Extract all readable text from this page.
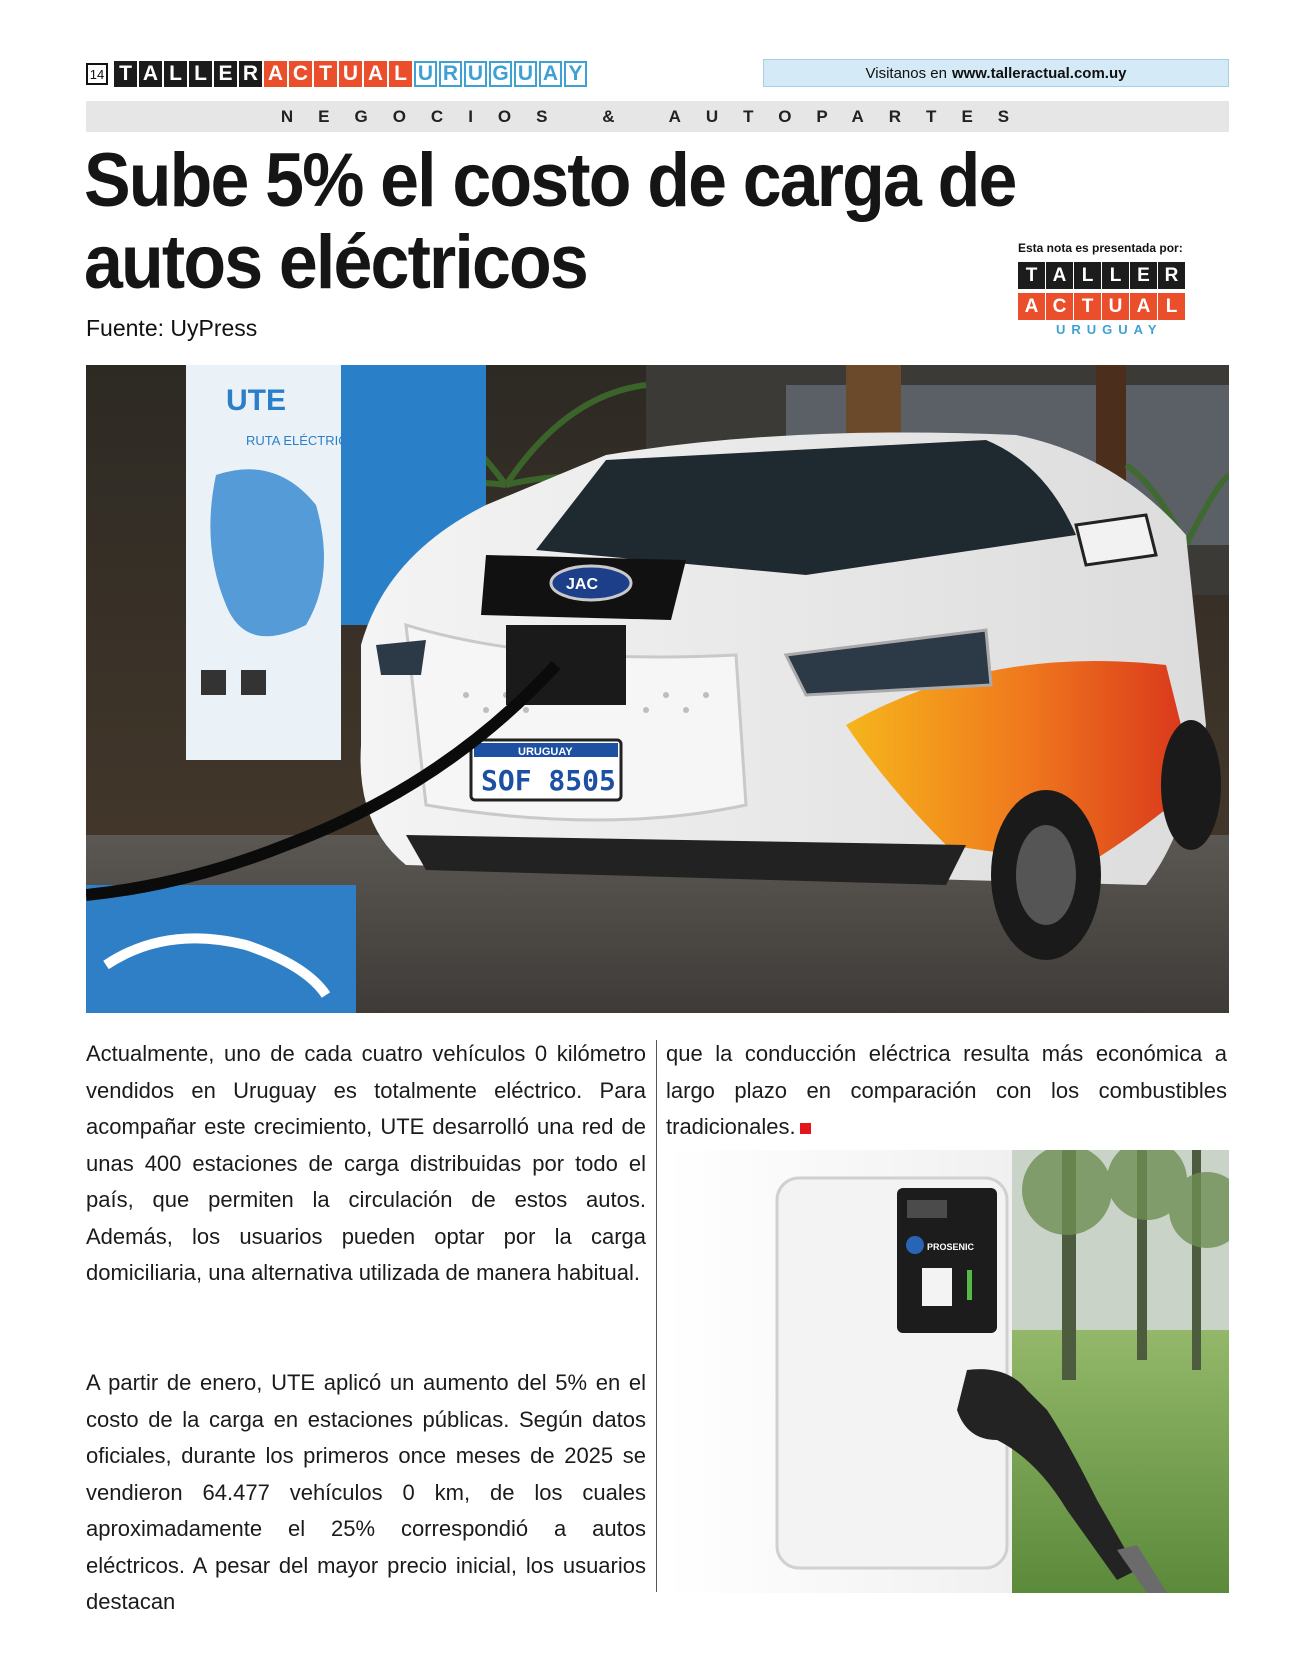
14 T A L L E R A C T U A L U R U G U A Y	Visitanos en www.talleractual.com.uy
NEGOCIOS & AUTOPARTES
Sube 5% el costo de carga de autos eléctricos
Fuente: UyPress
Esta nota es presentada por:
T A L L E R
A C T U A L
URUGUAY
UTE
RUTA ELÉCTRICA
JAC
URUGUAY
SOF 8505

Actualmente, uno de cada cuatro vehículos 0 kilómetro vendidos en Uruguay es totalmente eléctrico. Para acompañar este crecimiento, UTE desarrolló una red de unas 400 estaciones de carga distribuidas por todo el país, que permiten la circulación de estos autos. Además, los usuarios pueden optar por la carga domiciliaria, una alternativa utilizada de manera habitual.

A partir de enero, UTE aplicó un aumento del 5% en el costo de la carga en estaciones públicas. Según datos oficiales, durante los primeros once meses de 2025 se vendieron 64.477 vehículos 0 km, de los cuales aproximadamente el 25% correspondió a autos eléctricos. A pesar del mayor precio inicial, los usuarios destacan

que la conducción eléctrica resulta más económica a largo plazo en comparación con los combustibles tradicionales.

PROSENIC
